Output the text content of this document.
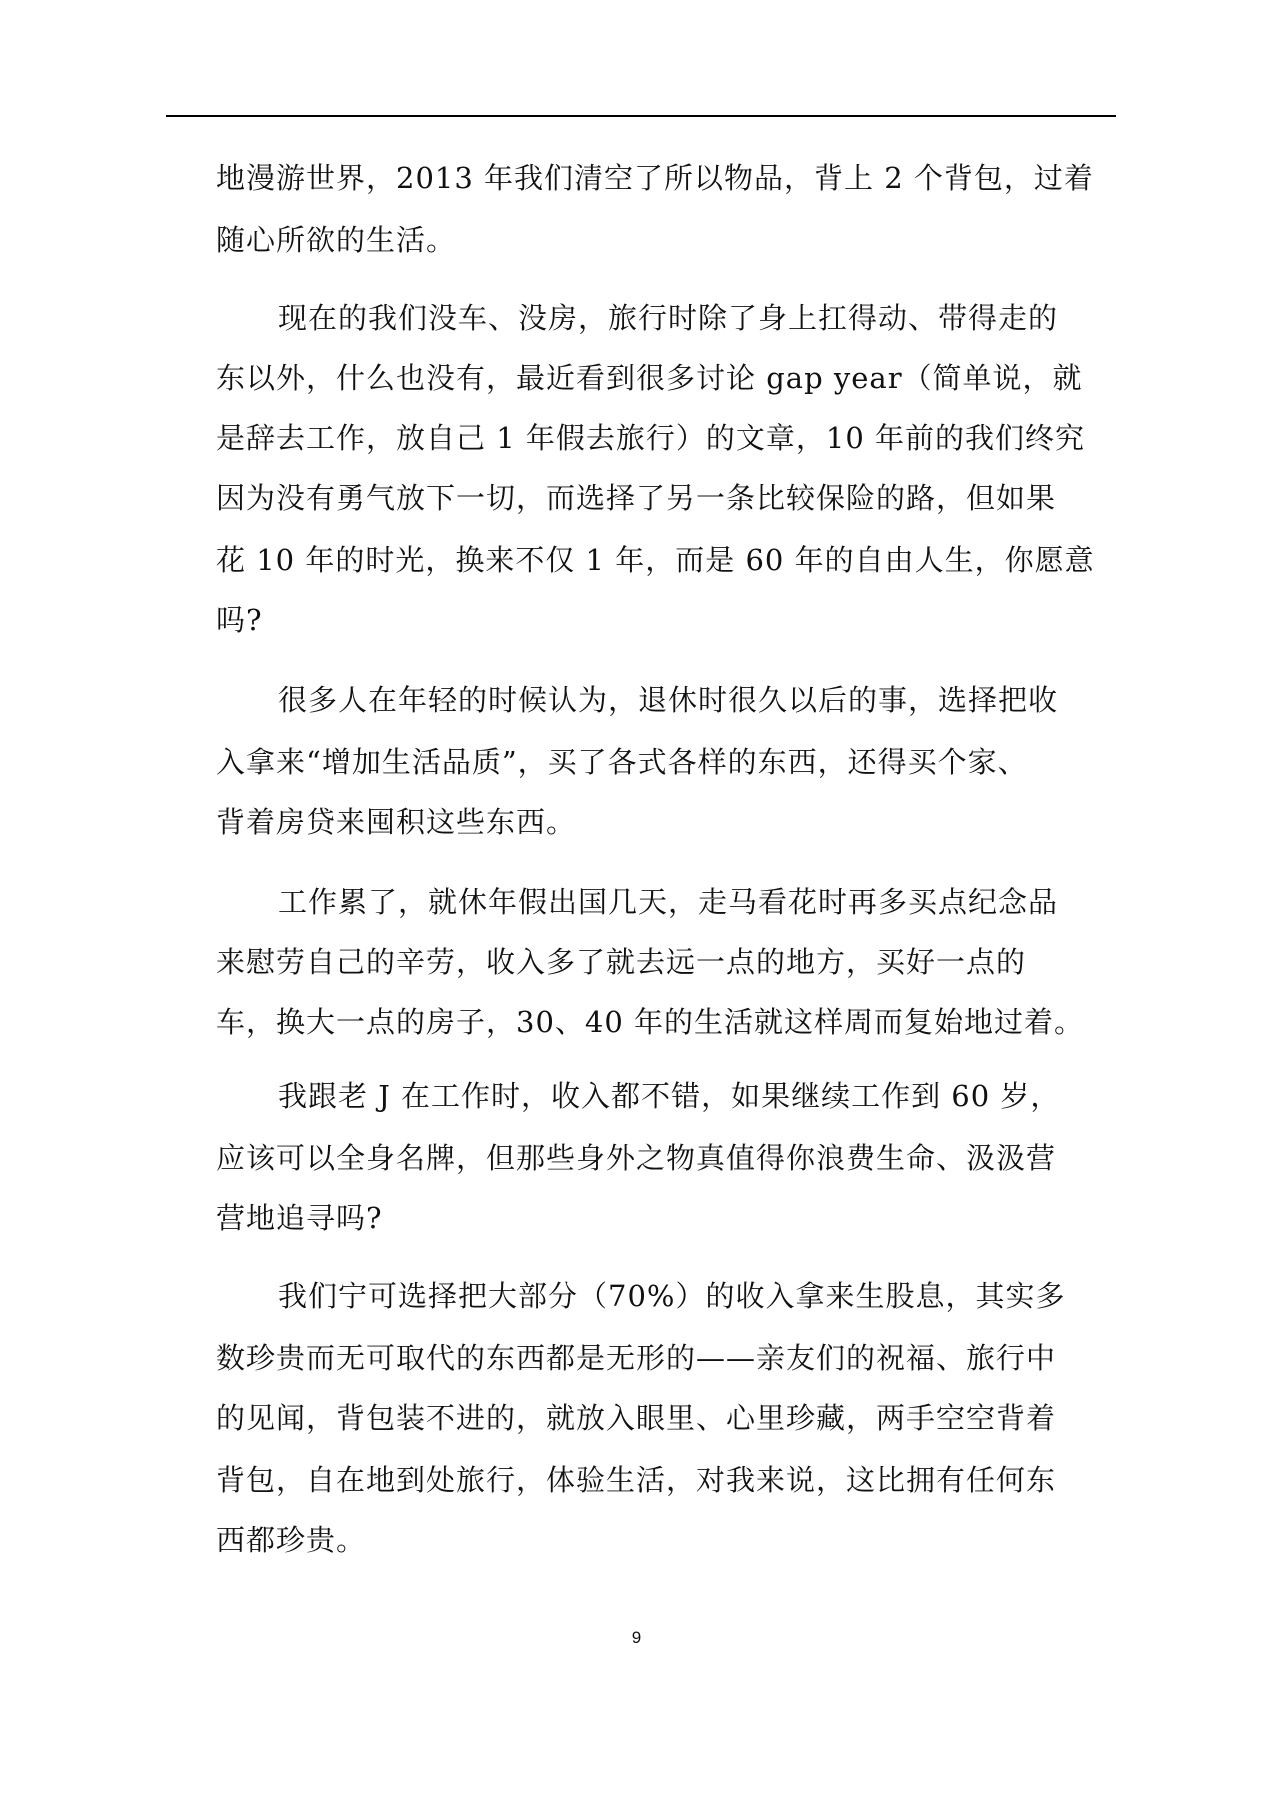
地漫游世界，2013 年我们清空了所以物品，背上 2 个背包，过着
随心所欲的生活。
现在的我们没车、没房，旅行时除了身上扛得动、带得走的
东以外，什么也没有，最近看到很多讨论 gap year（简单说，就
是辞去工作，放自己 1 年假去旅行）的文章，10 年前的我们终究
因为没有勇气放下一切，而选择了另一条比较保险的路，但如果
花 10 年的时光，换来不仅 1 年，而是 60 年的自由人生，你愿意
吗?
很多人在年轻的时候认为，退休时很久以后的事，选择把收
入拿来“增加生活品质”，买了各式各样的东西，还得买个家、
背着房贷来囤积这些东西。
工作累了，就休年假出国几天，走马看花时再多买点纪念品
来慰劳自己的辛劳，收入多了就去远一点的地方，买好一点的
车，换大一点的房子，30、40 年的生活就这样周而复始地过着。
我跟老 J 在工作时，收入都不错，如果继续工作到 60 岁，
应该可以全身名牌，但那些身外之物真值得你浪费生命、汲汲营
营地追寻吗?
我们宁可选择把大部分（70%）的收入拿来生股息，其实多
数珍贵而无可取代的东西都是无形的——亲友们的祝福、旅行中
的见闻，背包装不进的，就放入眼里、心里珍藏，两手空空背着
背包，自在地到处旅行，体验生活，对我来说，这比拥有任何东
西都珍贵。
9
